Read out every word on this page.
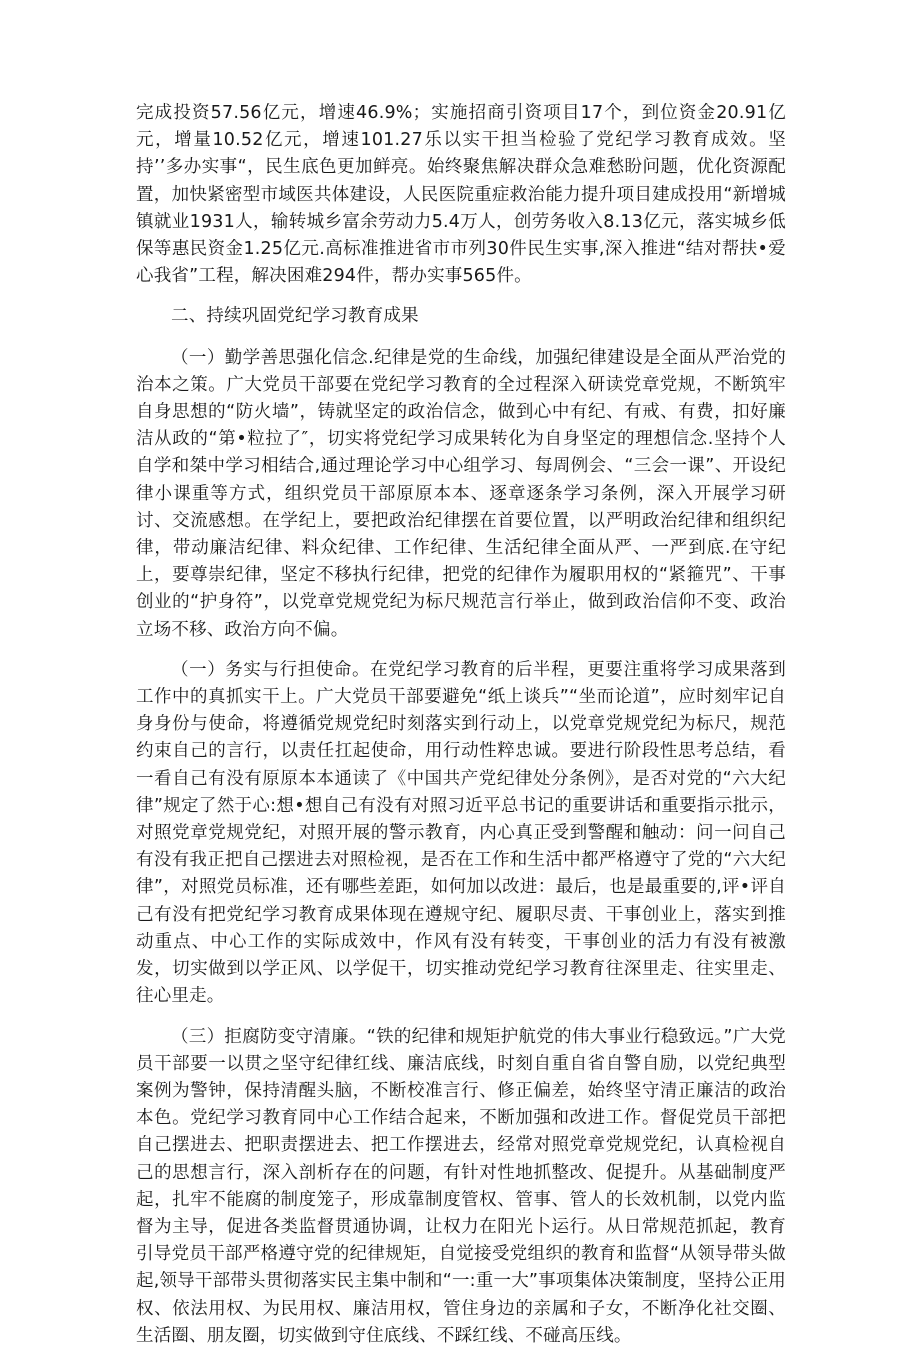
完成投资57.56亿元，增速46.9%；实施招商引资项目17个，到位资金20.91亿元，增量10.52亿元，增速101.27乐以实干担当检验了党纪学习教育成效。坚持’’多办实事“，民生底色更加鲜亮。始终聚焦解决群众急难愁盼问题，优化资源配置，加快紧密型市域医共体建设，人民医院重症救治能力提升项目建成投用“新增城镇就业1931人，输转城乡富余劳动力5.4万人，创劳务收入8.13亿元，落实城乡低保等惠民资金1.25亿元.高标准推进省市市列30件民生实事,深入推进“结对帮扶•爱心我省”工程，解决困难294件，帮办实事565件。

二、持续巩固党纪学习教育成果

（一）勤学善思强化信念.纪律是党的生命线，加强纪律建设是全面从严治党的治本之策。广大党员干部要在党纪学习教育的全过程深入研读党章党规，不断筑牢自身思想的“防火墙”，铸就坚定的政治信念，做到心中有纪、有戒、有费，扣好廉洁从政的“第•粒拉了″，切实将党纪学习成果转化为自身坚定的理想信念.坚持个人自学和桀中学习相结合,通过理论学习中心组学习、每周例会、“三会一课”、开设纪律小课重等方式，组织党员干部原原本本、逐章逐条学习条例，深入开展学习研讨、交流感想。在学纪上，要把政治纪律摆在首要位置，以严明政治纪律和组织纪律，带动廉洁纪律、料众纪律、工作纪律、生活纪律全面从严、一严到底.在守纪上，要尊崇纪律，坚定不移执行纪律，把党的纪律作为履职用权的“紧箍咒”、干事创业的“护身符”，以党章党规党纪为标尺规范言行举止，做到政治信仰不变、政治立场不移、政治方向不偏。

（一）务实与行担使命。在党纪学习教育的后半程，更要注重将学习成果落到工作中的真抓实干上。广大党员干部要避免“纸上谈兵”“坐而论道”，应时刻牢记自身身份与使命，将遵循党规党纪时刻落实到行动上，以党章党规党纪为标尺，规范约束自己的言行，以责任扛起使命，用行动性粹忠诚。要进行阶段性思考总结，看一看自己有没有原原本本通读了《中国共产党纪律处分条例》，是否对党的“六大纪律”规定了然于心:想•想自己有没有对照习近平总书记的重要讲话和重要指示批示，对照党章党规党纪，对照开展的警示教育，内心真正受到警醒和触动：问一问自己有没有我正把自己摆进去对照检视，是否在工作和生活中都严格遵守了党的“六大纪律”，对照党员标准，还有哪些差距，如何加以改进：最后，也是最重要的,评•评自己有没有把党纪学习教育成果体现在遵规守纪、履职尽责、干事创业上，落实到推动重点、中心工作的实际成效中，作风有没有转变，干事创业的活力有没有被激发，切实做到以学正风、以学促干，切实推动党纪学习教育往深里走、往实里走、往心里走。

（三）拒腐防变守清廉。“铁的纪律和规矩护航党的伟大事业行稳致远。”广大党员干部要一以贯之坚守纪律红线、廉洁底线，时刻自重自省自警自励，以党纪典型案例为警钟，保持清醒头脑，不断校准言行、修正偏差，始终坚守清正廉洁的政治本色。党纪学习教育同中心工作结合起来，不断加强和改进工作。督促党员干部把自己摆进去、把职责摆进去、把工作摆进去，经常对照党章党规党纪，认真检视自己的思想言行，深入剖析存在的问题，有针对性地抓整改、促提升。从基础制度严起，扎牢不能腐的制度笼子，形成靠制度管权、管事、管人的长效机制，以党内监督为主导，促进各类监督贯通协调，让权力在阳光卜运行。从日常规范抓起，教育引导党员干部严格遵守党的纪律规矩，自觉接受党组织的教育和监督“从领导带头做起,领导干部带头贯彻落实民主集中制和“一:重一大”事项集体决策制度，坚持公正用权、依法用权、为民用权、廉洁用权，管住身边的亲属和子女，不断净化社交圈、生活圈、朋友圈，切实做到守住底线、不踩红线、不碰高压线。
